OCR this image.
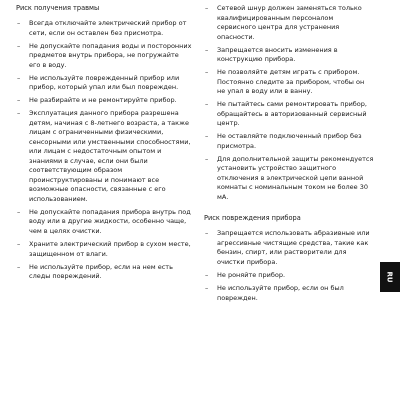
Риск получения травмы
– Всегда отключайте электрический прибор от сети, если он оставлен без присмотра.
– Не допускайте попадания воды и посторонних предметов внутрь прибора, не погружайте его в воду.
– Не используйте поврежденный прибор или прибор, который упал или был поврежден.
– Не разбирайте и не ремонтируйте прибор.
– Эксплуатация данного прибора разрешена детям, начиная с 8-летнего возраста, а также лицам с ограниченными физическими, сенсорными или умственными способностями, или лицам с недостаточным опытом и знаниями в случае, если они были соответствующим образом проинструктированы и понимают все возможные опасности, связанные с его использованием.
– Не допускайте попадания прибора внутрь под воду или в другие жидкости, особенно чаще, чем в целях очистки.
– Храните электрический прибор в сухом месте, защищенном от влаги.
– Не используйте прибор, если на нем есть следы повреждений.
– Сетевой шнур должен заменяться только квалифицированным персоналом сервисного центра для устранения опасности.
– Запрещается вносить изменения в конструкцию прибора.
– Не позволяйте детям играть с прибором. Постоянно следите за прибором, чтобы он не упал в воду или в ванну.
– Не пытайтесь сами ремонтировать прибор, обращайтесь в авторизованный сервисный центр.
– Не оставляйте подключенный прибор без присмотра.
– Для дополнительной защиты рекомендуется установить устройство защитного отключения в электрической цепи ванной комнаты с номинальным током не более 30 мА.
Риск повреждения прибора
– Запрещается использовать абразивные или агрессивные чистящие средства, такие как бензин, спирт, или растворители для очистки прибора.
– Не роняйте прибор.
– Не используйте прибор, если он был поврежден.
RU
